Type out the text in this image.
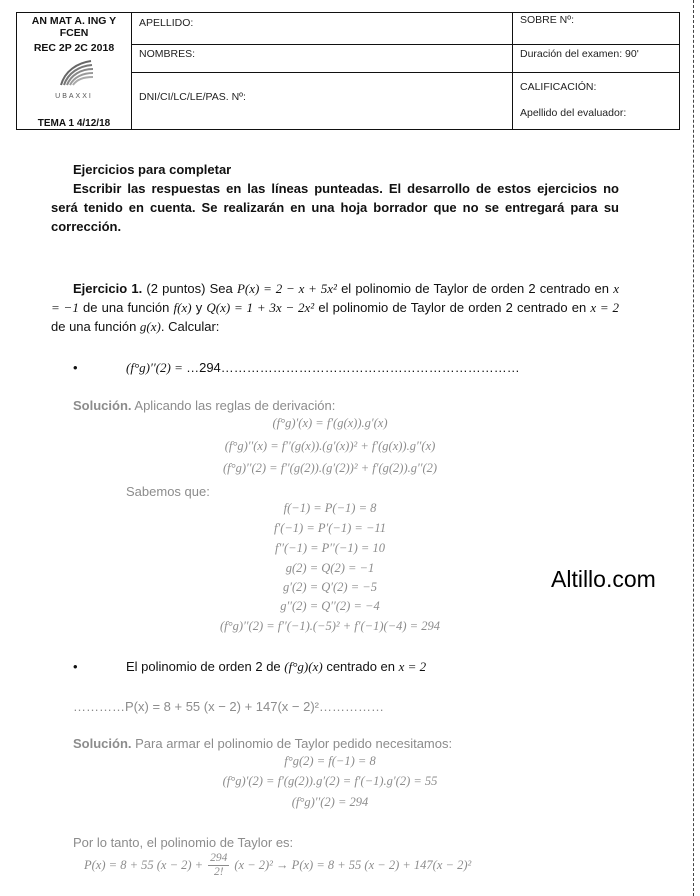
AN MAT A. ING Y FCEN
REC 2P 2C 2018
UBAXXI
TEMA 1 4/12/18
APELLIDO:
NOMBRES:
DNI/CI/LC/LE/PAS. Nº:
SOBRE Nº:
Duración del examen: 90'
CALIFICACIÓN:
Apellido del evaluador:
Ejercicios para completar
Escribir las respuestas en las líneas punteadas. El desarrollo de estos ejercicios no será tenido en cuenta. Se realizarán en una hoja borrador que no se entregará para su corrección.
Ejercicio 1. (2 puntos) Sea P(x) = 2 − x + 5x² el polinomio de Taylor de orden 2 centrado en x = −1 de una función f(x) y Q(x) = 1 + 3x − 2x² el polinomio de Taylor de orden 2 centrado en x = 2 de una función g(x). Calcular:
•	(f°g)′′(2) = …294……………………………………………………………
Solución. Aplicando las reglas de derivación:
(f°g)′(x) = f′(g(x)).g′(x)
(f°g)′′(x) = f′′(g(x)).(g′(x))² + f′(g(x)).g′′(x)
(f°g)′′(2) = f′′(g(2)).(g′(2))² + f′(g(2)).g′′(2)
Sabemos que:
f(−1) = P(−1) = 8
f′(−1) = P′(−1) = −11
f′′(−1) = P′′(−1) = 10
g(2) = Q(2) = −1
g′(2) = Q′(2) = −5
g′′(2) = Q′′(2) = −4
(f°g)′′(2) = f′′(−1).(−5)² + f′(−1)(−4) = 294
Altillo.com
•	El polinomio de orden 2 de (f°g)(x) centrado en x = 2
…………P(x) = 8 + 55 (x − 2) + 147(x − 2)²……………
Solución. Para armar el polinomio de Taylor pedido necesitamos:
f°g(2) = f(−1) = 8
(f°g)′(2) = f′(g(2)).g′(2) = f′(−1).g′(2) = 55
(f°g)′′(2) = 294
Por lo tanto, el polinomio de Taylor es:
P(x) = 8 + 55 $(x - 2) + \frac{294}{2!} (x - 2)^2 \to P(x) = 8 + 55$ (x − 2) + 147(x − 2)²
